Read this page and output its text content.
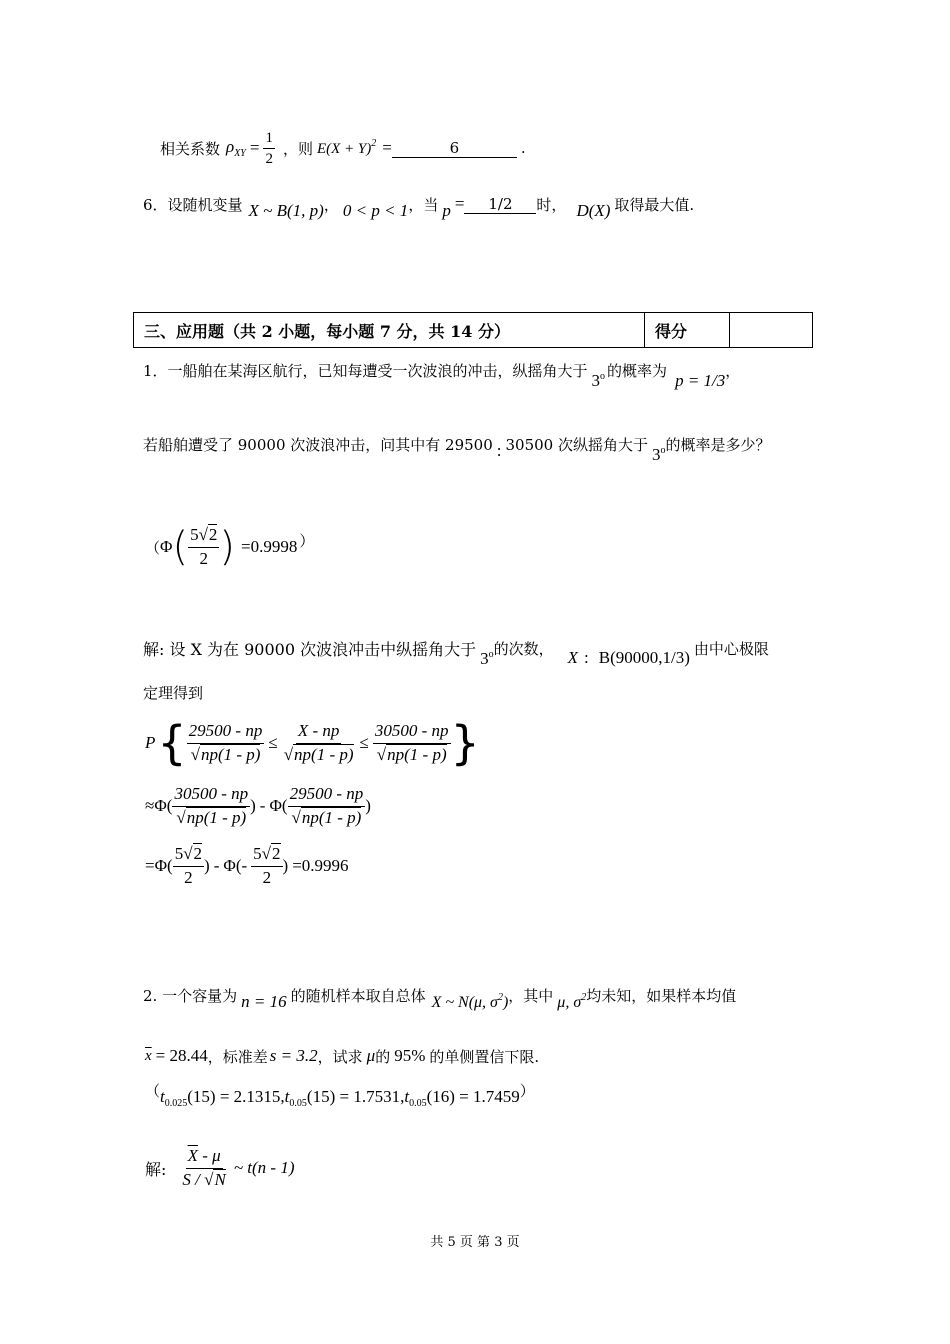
相关系数 $\rho_{XY} = \frac{1}{2}$ ，则 $E(X + Y)^2$ =	6	.
6．设随机变量 X ~ B(1, p) ， 0 < p < 1 ，当 p =	1/2	时， D(X) 取得最大值.
三、应用题（共 2 小题，每小题 7 分，共 14 分）	得分	
1．一船舶在某海区航行，已知每遭受一次波浪的冲击，纵摇角大于
3$^o$ 的概率为
p = 1/3
，
若船舶遭受了 90000 次波浪冲击，问其中有 29500 : 30500 次纵摇角大于
3$^o$ 的概率是多少？
（ Φ ( $\frac{5√2}{2}$ ) =0.9998 ）
解: 设 X 为在 90000 次波浪冲击中纵摇角大于 3$^o$ 的次数， X : B(90000,1/3) 由中心极限
定理得到
P { $\frac{29500 - np}{√np(1 - p)} \le \frac{X - np}{√np(1 - p)} \le \frac{30500 - np}{√np(1 - p)}$ }
≈ Φ ( $\frac{30500 - np}{√np(1 - p)}$ ) - Φ ( $\frac{29500 - np}{√np(1 - p)}$ )
= Φ ( $\frac{5√2}{2}$ ) - Φ ( - $\frac{5√2}{2}$ ) =0.9996
2. 一个容量为 n = 16 的随机样本取自总体 X ~ N(μ, $\sigma^2$) ，其中 μ, $\sigma^2$ 均未知，如果样本均值
$\overline{x} = 28.44$ ，标准差 s = 3.2 ，试求 μ 的 95% 的单侧置信下限.
（ $t_{0.025}(15) = 2.1315,t_{0.05}(15) = 1.7531,t_{0.05}(16) = 1.7459$ ）
解: $\frac{\overline{X} - \mu}{S / √N}$ ~ t(n - 1)
共 5 页 第 3 页
